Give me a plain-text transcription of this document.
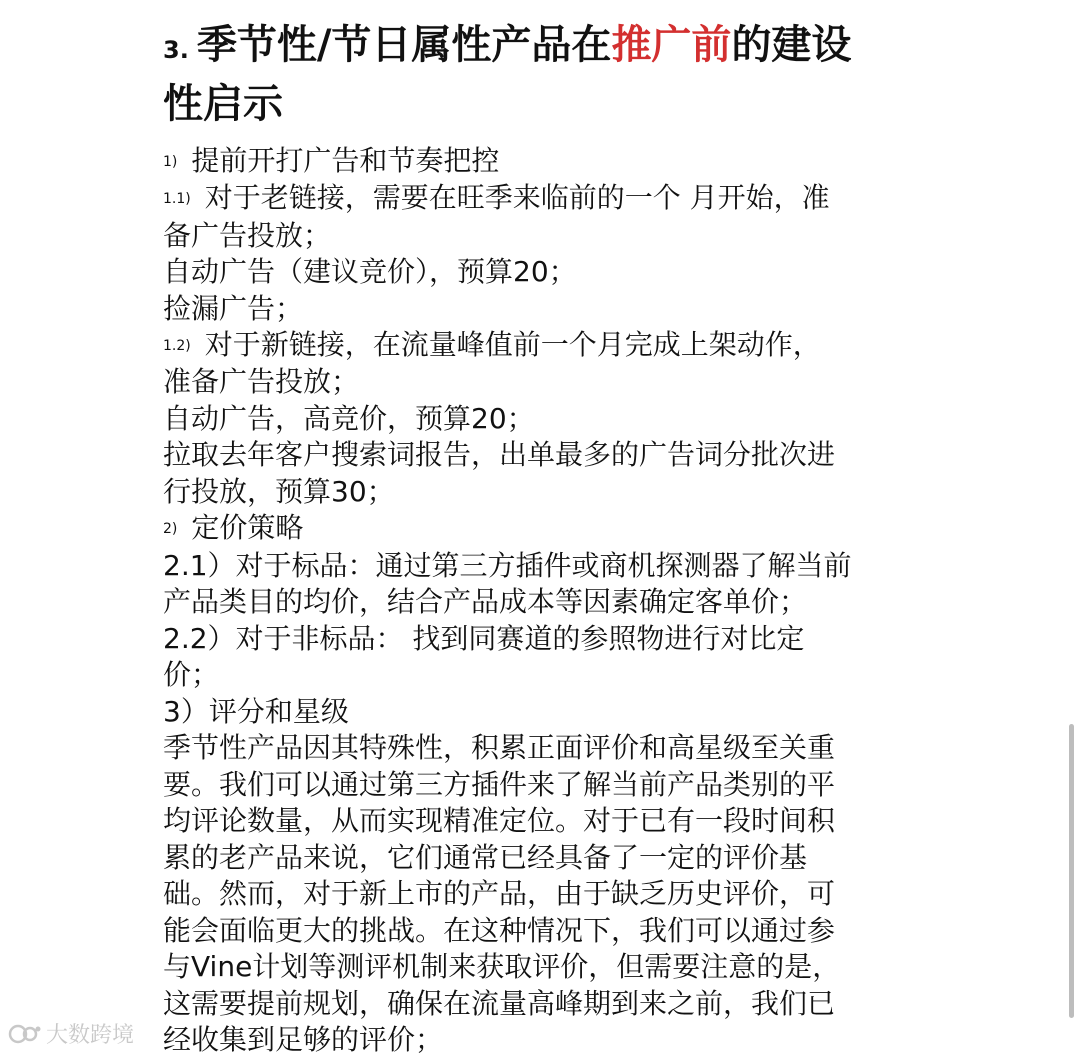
3. 季节性/节日属性产品在推广前的建设
性启示
1) 提前开打广告和节奏把控
1.1) 对于老链接，需要在旺季来临前的一个 月开始，准
备广告投放；
自动广告（建议竞价），预算20；
捡漏广告；
1.2) 对于新链接，在流量峰值前一个月完成上架动作，
准备广告投放；
自动广告，高竞价，预算20；
拉取去年客户搜索词报告，出单最多的广告词分批次进
行投放，预算30；
2) 定价策略
2.1）对于标品：通过第三方插件或商机探测器了解当前
产品类目的均价，结合产品成本等因素确定客单价；
2.2）对于非标品： 找到同赛道的参照物进行对比定
价；
3）评分和星级
季节性产品因其特殊性，积累正面评价和高星级至关重
要。我们可以通过第三方插件来了解当前产品类别的平
均评论数量，从而实现精准定位。对于已有一段时间积
累的老产品来说，它们通常已经具备了一定的评价基
础。然而，对于新上市的产品，由于缺乏历史评价，可
能会面临更大的挑战。在这种情况下，我们可以通过参
与Vine计划等测评机制来获取评价，但需要注意的是，
这需要提前规划，确保在流量高峰期到来之前，我们已
经收集到足够的评价；
大数跨境
